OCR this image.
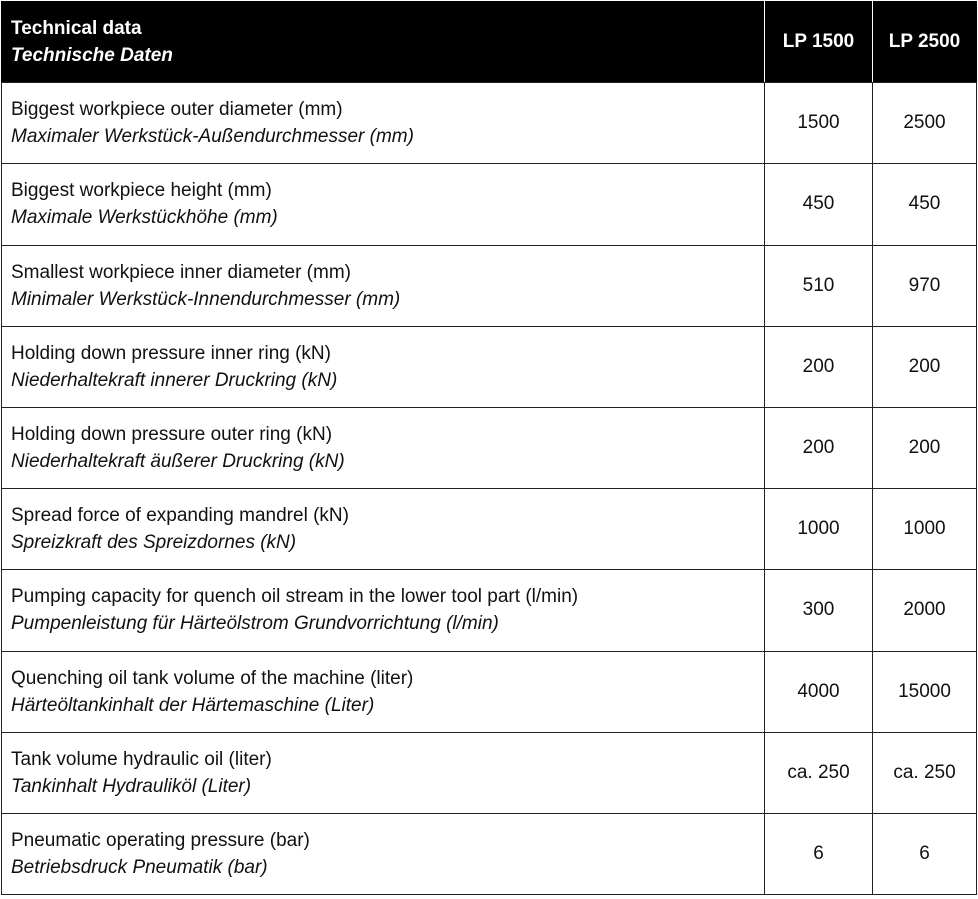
Technical data
Technische Daten	LP 1500	LP 2500

Biggest workpiece outer diameter (mm)
Maximaler Werkstück-Außendurchmesser (mm)	1500	2500

Biggest workpiece height (mm)
Maximale Werkstückhöhe (mm)	450	450

Smallest workpiece inner diameter (mm)
Minimaler Werkstück-Innendurchmesser (mm)	510	970

Holding down pressure inner ring (kN)
Niederhaltekraft innerer Druckring (kN)	200	200

Holding down pressure outer ring (kN)
Niederhaltekraft äußerer Druckring (kN)	200	200

Spread force of expanding mandrel (kN)
Spreizkraft des Spreizdornes (kN)	1000	1000

Pumping capacity for quench oil stream in the lower tool part (l/min)
Pumpenleistung für Härteölstrom Grundvorrichtung (l/min)	300	2000

Quenching oil tank volume of the machine (liter)
Härteöltankinhalt der Härtemaschine (Liter)	4000	15000

Tank volume hydraulic oil (liter)
Tankinhalt Hydrauliköl (Liter)	ca. 250	ca. 250

Pneumatic operating pressure (bar)
Betriebsdruck Pneumatik (bar)	6	6
